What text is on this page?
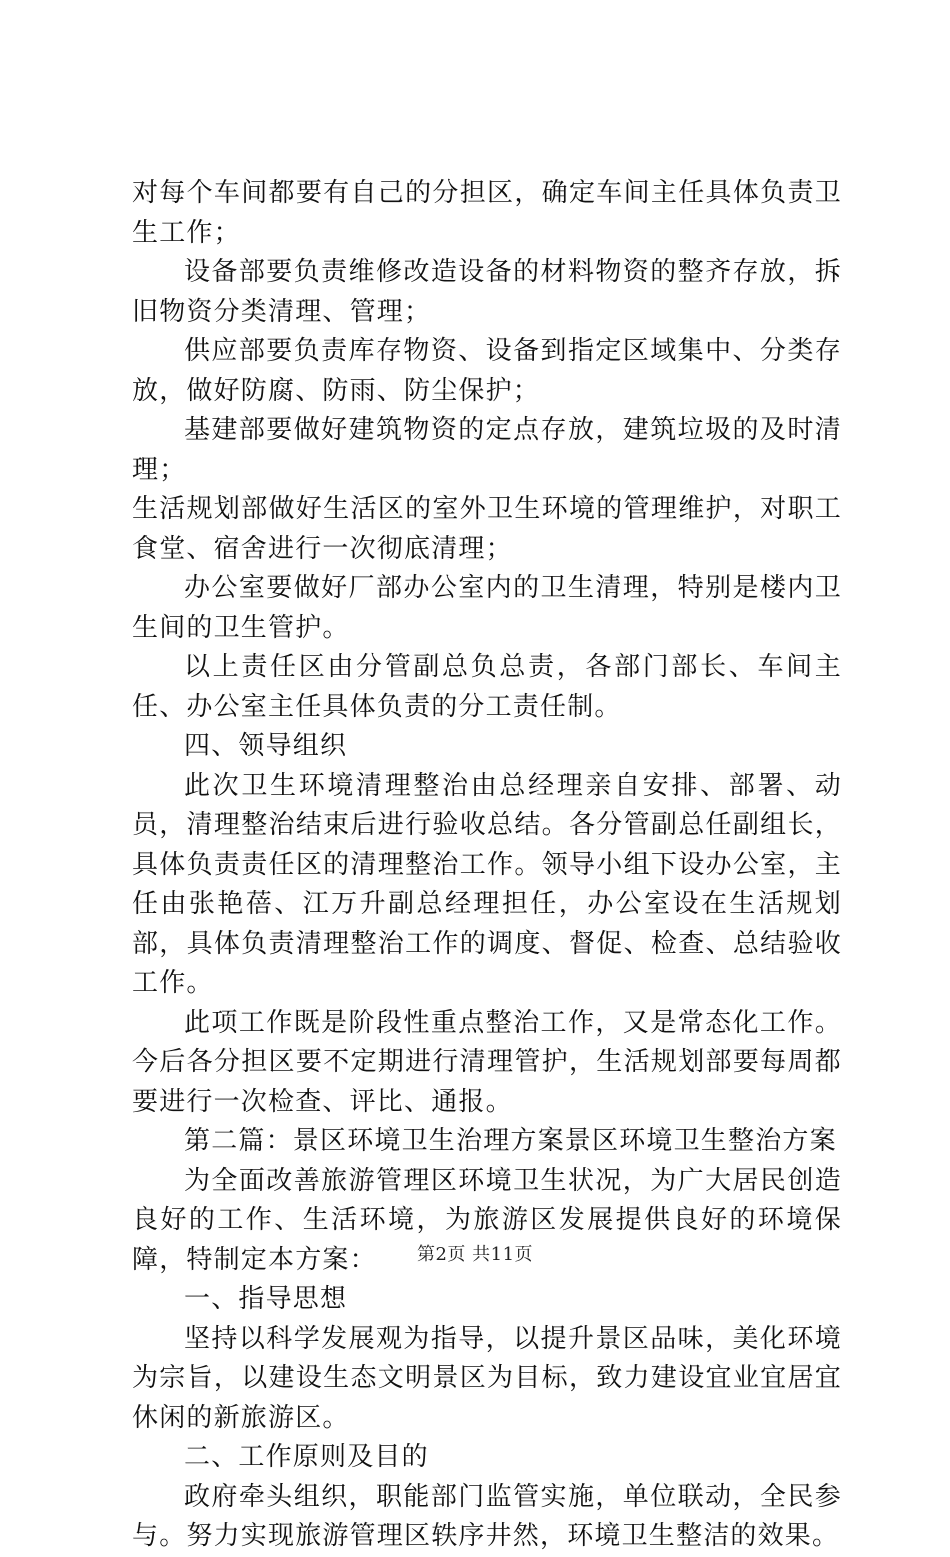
对每个车间都要有自己的分担区，确定车间主任具体负责卫生工作；

设备部要负责维修改造设备的材料物资的整齐存放，拆旧物资分类清理、管理；

供应部要负责库存物资、设备到指定区域集中、分类存放，做好防腐、防雨、防尘保护；

基建部要做好建筑物资的定点存放，建筑垃圾的及时清理；

生活规划部做好生活区的室外卫生环境的管理维护，对职工食堂、宿舍进行一次彻底清理；

办公室要做好厂部办公室内的卫生清理，特别是楼内卫生间的卫生管护。

以上责任区由分管副总负总责，各部门部长、车间主任、办公室主任具体负责的分工责任制。

四、领导组织

此次卫生环境清理整治由总经理亲自安排、部署、动员，清理整治结束后进行验收总结。各分管副总任副组长，具体负责责任区的清理整治工作。领导小组下设办公室，主任由张艳蓓、江万升副总经理担任，办公室设在生活规划部，具体负责清理整治工作的调度、督促、检查、总结验收工作。

此项工作既是阶段性重点整治工作，又是常态化工作。今后各分担区要不定期进行清理管护，生活规划部要每周都要进行一次检查、评比、通报。

第二篇：景区环境卫生治理方案景区环境卫生整治方案

为全面改善旅游管理区环境卫生状况，为广大居民创造良好的工作、生活环境，为旅游区发展提供良好的环境保障，特制定本方案：

一、指导思想

坚持以科学发展观为指导，以提升景区品味，美化环境为宗旨，以建设生态文明景区为目标，致力建设宜业宜居宜休闲的新旅游区。

二、工作原则及目的

政府牵头组织，职能部门监管实施，单位联动，全民参与。努力实现旅游管理区轶序井然，环境卫生整洁的效果。

第2页 共11页
